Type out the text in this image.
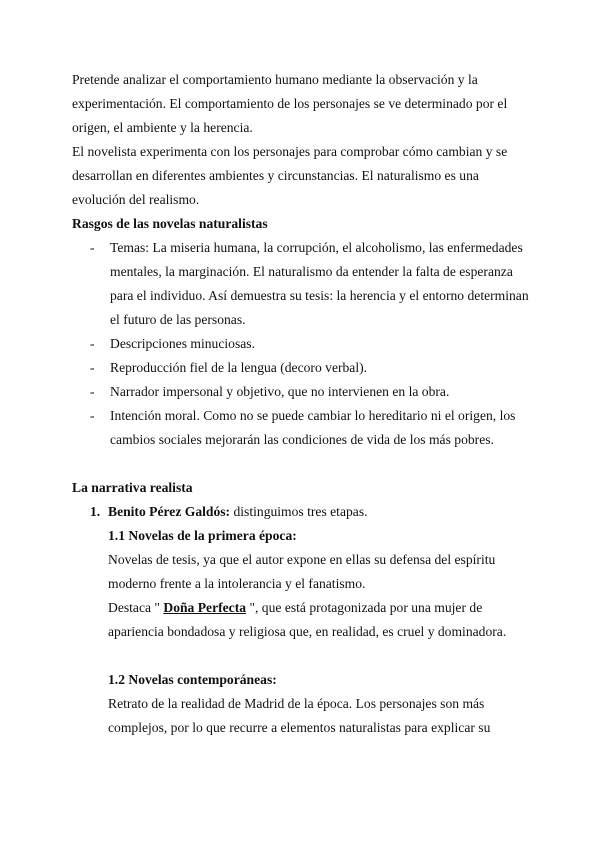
Pretende analizar el comportamiento humano mediante la observación y la experimentación. El comportamiento de los personajes se ve determinado por el origen, el ambiente y la herencia.

El novelista experimenta con los personajes para comprobar cómo cambian y se desarrollan en diferentes ambientes y circunstancias. El naturalismo es una evolución del realismo.

Rasgos de las novelas naturalistas

- Temas: La miseria humana, la corrupción, el alcoholismo, las enfermedades mentales, la marginación. El naturalismo da entender la falta de esperanza para el individuo. Así demuestra su tesis: la herencia y el entorno determinan el futuro de las personas.
- Descripciones minuciosas.
- Reproducción fiel de la lengua (decoro verbal).
- Narrador impersonal y objetivo, que no intervienen en la obra.
- Intención moral. Como no se puede cambiar lo hereditario ni el origen, los cambios sociales mejorarán las condiciones de vida de los más pobres.

La narrativa realista

1. Benito Pérez Galdós: distinguimos tres etapas.

1.1 Novelas de la primera época:

Novelas de tesis, ya que el autor expone en ellas su defensa del espíritu moderno frente a la intolerancia y el fanatismo.

Destaca " Doña Perfecta ", que está protagonizada por una mujer de apariencia bondadosa y religiosa que, en realidad, es cruel y dominadora.

1.2 Novelas contemporáneas:

Retrato de la realidad de Madrid de la época. Los personajes son más complejos, por lo que recurre a elementos naturalistas para explicar su
